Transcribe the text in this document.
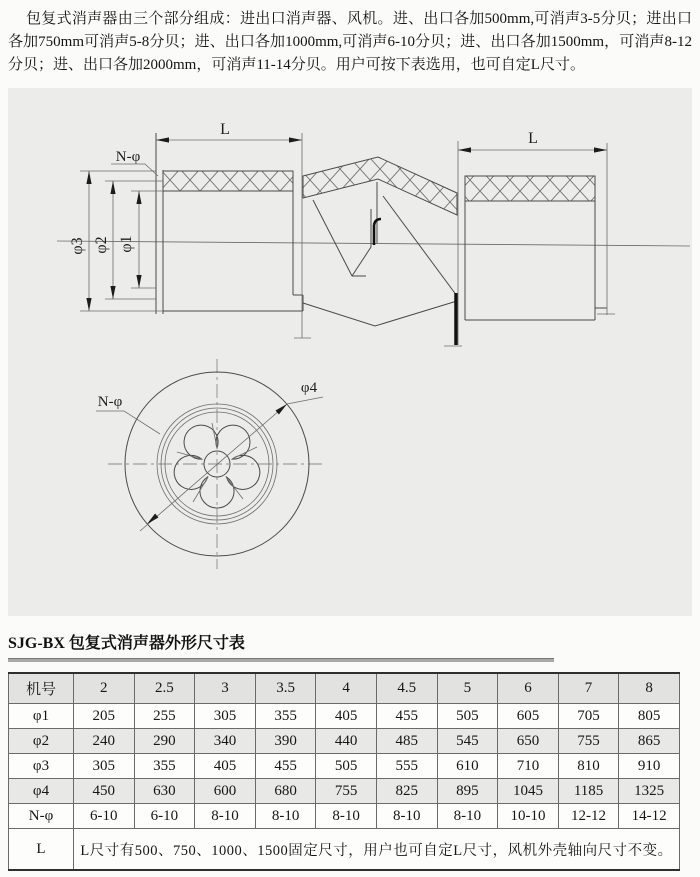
包复式消声器由三个部分组成：进出口消声器、风机。进、出口各加500mm,可消声3-5分贝；进出口各加750mm可消声5-8分贝；进、出口各加1000mm,可消声6-10分贝；进、出口各加1500mm，可消声8-12分贝；进、出口各加2000mm，可消声11-14分贝。用户可按下表选用，也可自定L尺寸。

L
N-φ
φ3 φ2 φ1
L
φ4
N-φ
SJG-BX 包复式消声器外形尺寸表
机号	2	2.5	3	3.5	4	4.5	5	6	7	8
φ1	205	255	305	355	405	455	505	605	705	805
φ2	240	290	340	390	440	485	545	650	755	865
φ3	305	355	405	455	505	555	610	710	810	910
φ4	450	630	600	680	755	825	895	1045	1185	1325
N-φ	6-10	6-10	8-10	8-10	8-10	8-10	8-10	10-10	12-12	14-12
L	L尺寸有500、750、1000、1500固定尺寸，用户也可自定L尺寸，风机外壳轴向尺寸不变。									
